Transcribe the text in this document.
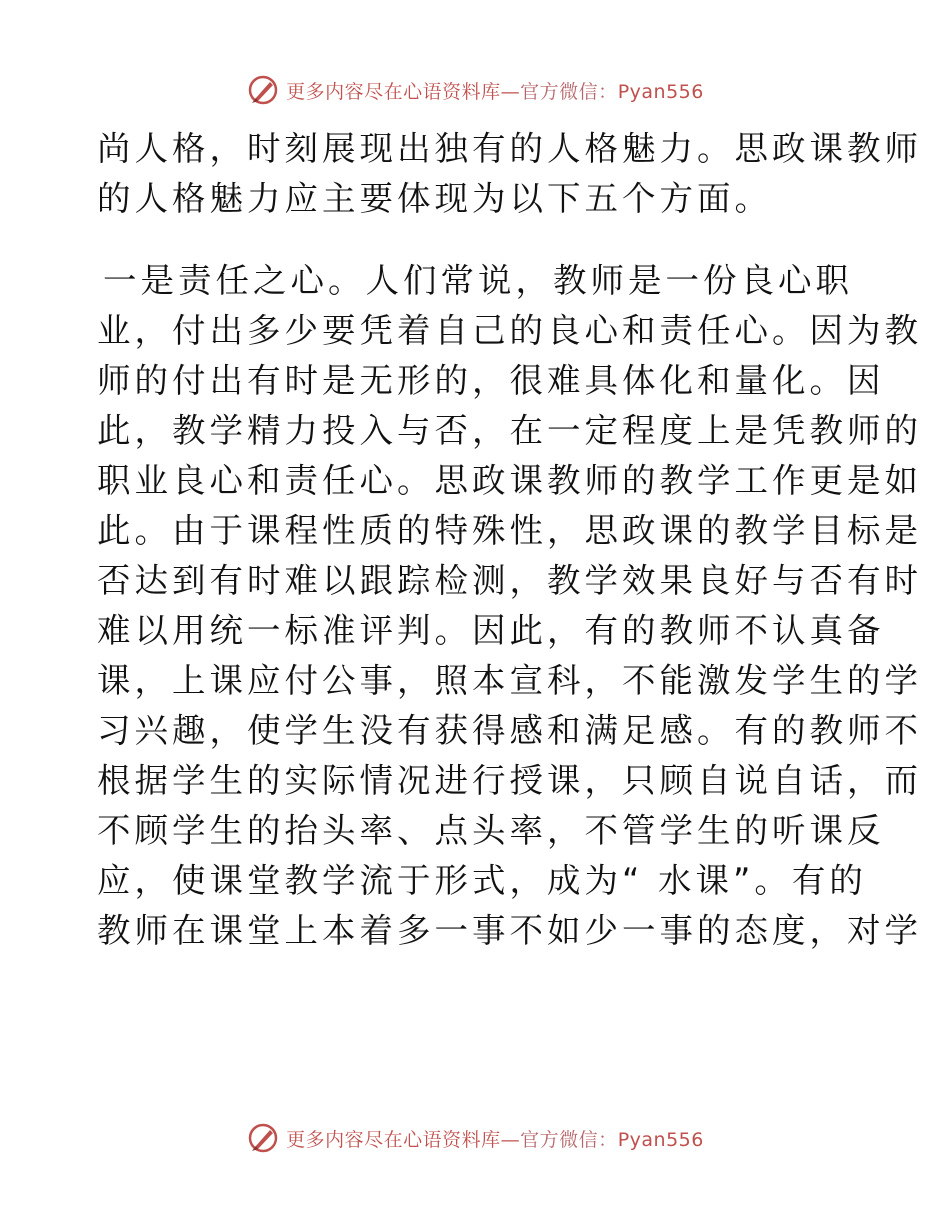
更多内容尽在心语资料库—官方微信：Pyan556
尚人格，时刻展现出独有的人格魅力。思政课教师
的人格魅力应主要体现为以下五个方面。
一是责任之心。人们常说，教师是一份良心职
业，付出多少要凭着自己的良心和责任心。因为教
师的付出有时是无形的，很难具体化和量化。因
此，教学精力投入与否，在一定程度上是凭教师的
职业良心和责任心。思政课教师的教学工作更是如
此。由于课程性质的特殊性，思政课的教学目标是
否达到有时难以跟踪检测，教学效果良好与否有时
难以用统一标准评判。因此，有的教师不认真备
课，上课应付公事，照本宣科，不能激发学生的学
习兴趣，使学生没有获得感和满足感。有的教师不
根据学生的实际情况进行授课，只顾自说自话，而
不顾学生的抬头率、点头率，不管学生的听课反
应，使课堂教学流于形式，成为“ 水课”。有的
教师在课堂上本着多一事不如少一事的态度，对学
更多内容尽在心语资料库—官方微信：Pyan556
